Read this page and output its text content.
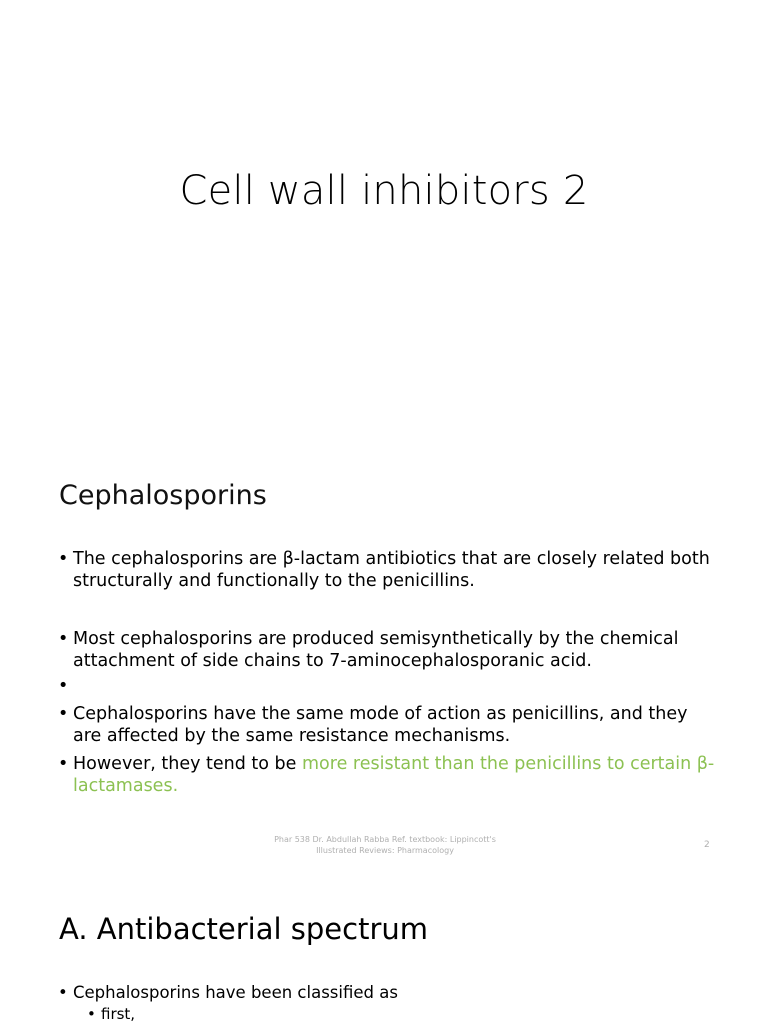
Cell wall inhibitors 2
Cephalosporins
• The cephalosporins are β-lactam antibiotics that are closely related both structurally and functionally to the penicillins.
• Most cephalosporins are produced semisynthetically by the chemical attachment of side chains to 7-aminocephalosporanic acid.
•
• Cephalosporins have the same mode of action as penicillins, and they are affected by the same resistance mechanisms.
• However, they tend to be more resistant than the penicillins to certain β-lactamases.
Phar 538 Dr. Abdullah Rabba Ref. textbook: Lippincott's
Illustrated Reviews: Pharmacology
2
A. Antibacterial spectrum
• Cephalosporins have been classified as
• first,
